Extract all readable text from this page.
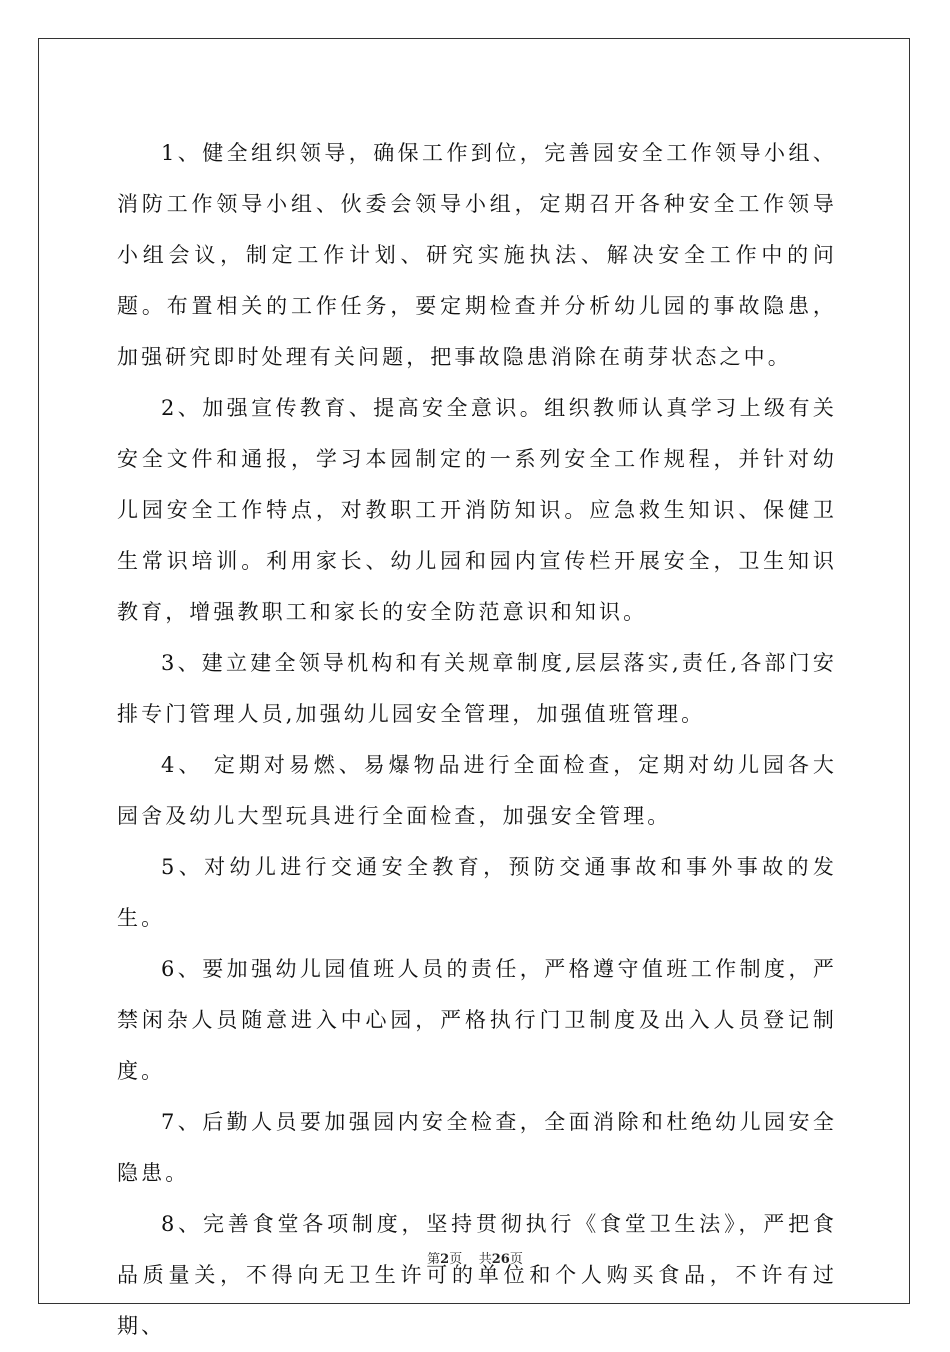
1、健全组织领导，确保工作到位，完善园安全工作领导小组、消防工作领导小组、伙委会领导小组，定期召开各种安全工作领导小组会议，制定工作计划、研究实施执法、解决安全工作中的问题。布置相关的工作任务，要定期检查并分析幼儿园的事故隐患，加强研究即时处理有关问题，把事故隐患消除在萌芽状态之中。

2、加强宣传教育、提高安全意识。组织教师认真学习上级有关安全文件和通报，学习本园制定的一系列安全工作规程，并针对幼儿园安全工作特点，对教职工开消防知识。应急救生知识、保健卫生常识培训。利用家长、幼儿园和园内宣传栏开展安全，卫生知识教育，增强教职工和家长的安全防范意识和知识。

3、建立建全领导机构和有关规章制度,层层落实,责任,各部门安排专门管理人员,加强幼儿园安全管理，加强值班管理。

4、 定期对易燃、易爆物品进行全面检查，定期对幼儿园各大园舍及幼儿大型玩具进行全面检查，加强安全管理。

5、对幼儿进行交通安全教育，预防交通事故和事外事故的发生。

6、要加强幼儿园值班人员的责任，严格遵守值班工作制度，严禁闲杂人员随意进入中心园，严格执行门卫制度及出入人员登记制度。

7、后勤人员要加强园内安全检查，全面消除和杜绝幼儿园安全隐患。

8、完善食堂各项制度，坚持贯彻执行《食堂卫生法》，严把食品质量关，不得向无卫生许可的单位和个人购买食品，不许有过期、

第2页 共26页
